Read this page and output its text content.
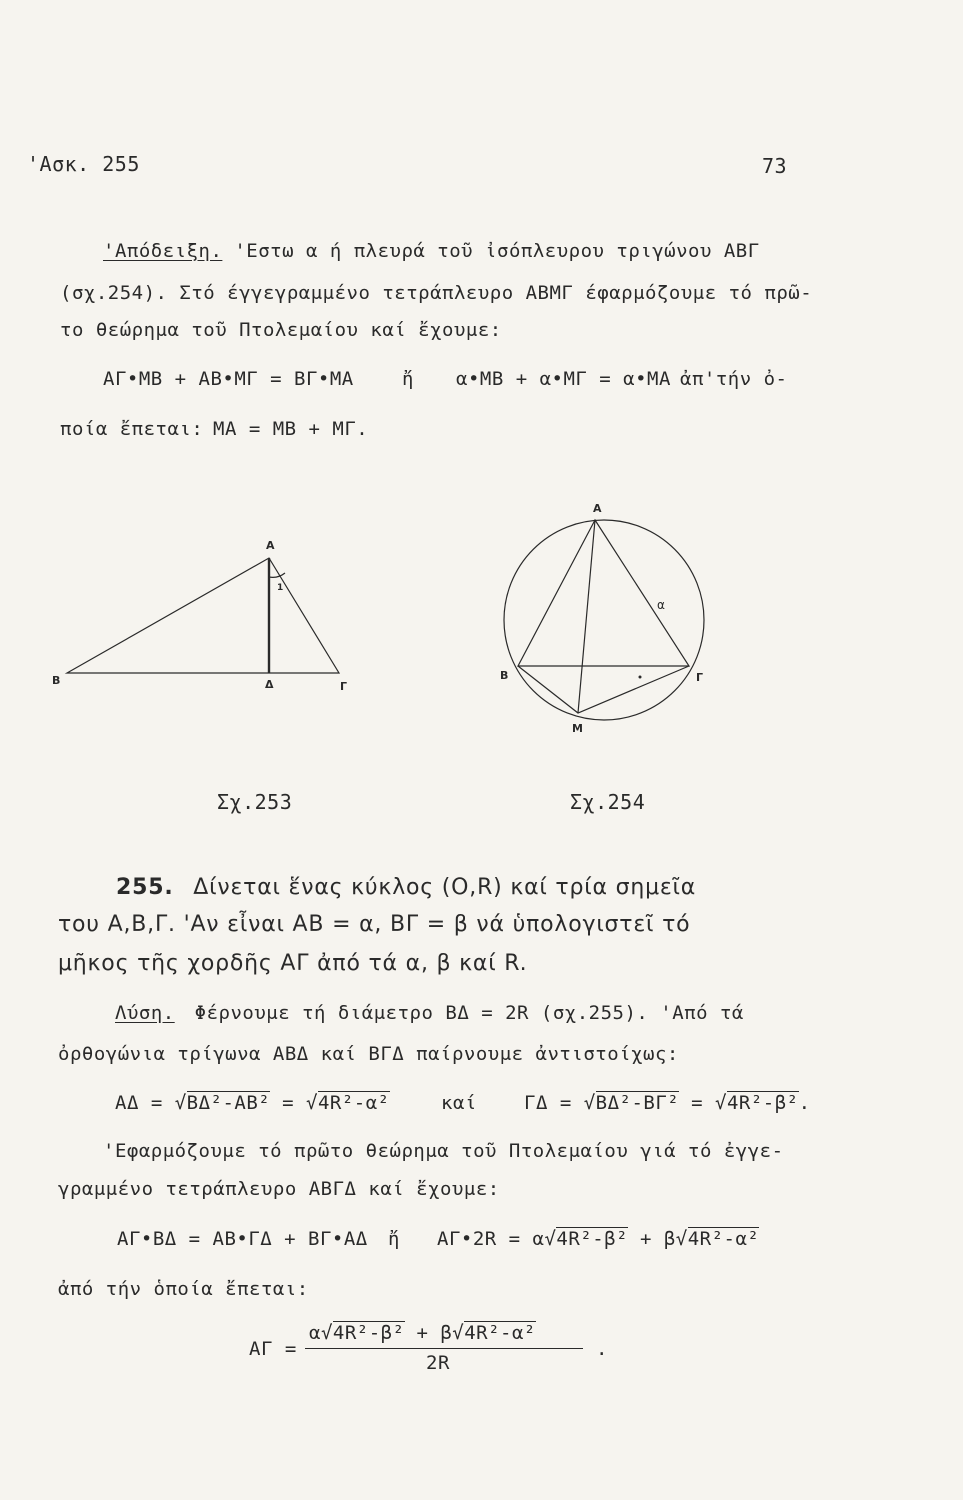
'Ασκ. 255	73
'Απόδειξη. 'Εστω α ή πλευρά τοῦ ἰσόπλευρου τριγώνου ΑΒΓ
(σχ.254). Στό έγγεγραμμένο τετράπλευρο ΑΒΜΓ έφαρμόζουμε τό πρῶ-
το θεώρημα τοῦ Πτολεμαίου καί ἔχουμε:
ΑΓ•ΜΒ + ΑΒ•ΜΓ = ΒΓ•ΜΑ	ἤ α•ΜΒ + α•ΜΓ = α•ΜΑ ἀπ'τήν ὀ-
ποία ἔπεται: ΜΑ = ΜΒ + ΜΓ.
A
B	Δ	Γ
1
A
B	Γ
M
α
Σχ.253	Σχ.254
255. Δίνεται ἕνας κύκλος (Ο,R) καί τρία σημεῖα
του Α,Β,Γ. 'Αν εἶναι ΑΒ = α, ΒΓ = β νά ὑπολογιστεῖ τό
μῆκος τῆς χορδῆς ΑΓ ἀπό τά α, β καί R.
Λύση. Φέρνουμε τή διάμετρο ΒΔ = 2R (σχ.255). 'Από τά
ὀρθογώνια τρίγωνα ΑΒΔ καί ΒΓΔ παίρνουμε ἀντιστοίχως:
ΑΔ = √ΒΔ²-ΑΒ² = √4R²-α²	καί ΓΔ = √ΒΔ²-ΒΓ² = √4R²-β².
'Εφαρμόζουμε τό πρῶτο θεώρημα τοῦ Πτολεμαίου γιά τό ἐγγε-
γραμμένο τετράπλευρο ΑΒΓΔ καί ἔχουμε:
ΑΓ•ΒΔ = ΑΒ•ΓΔ + ΒΓ•ΑΔ ἤ ΑΓ•2R = α√4R²-β² + β√4R²-α²
ἀπό τήν ὁποία ἔπεται:
ΑΓ =
α√4R²-β² + β√4R²-α²
2R
.
